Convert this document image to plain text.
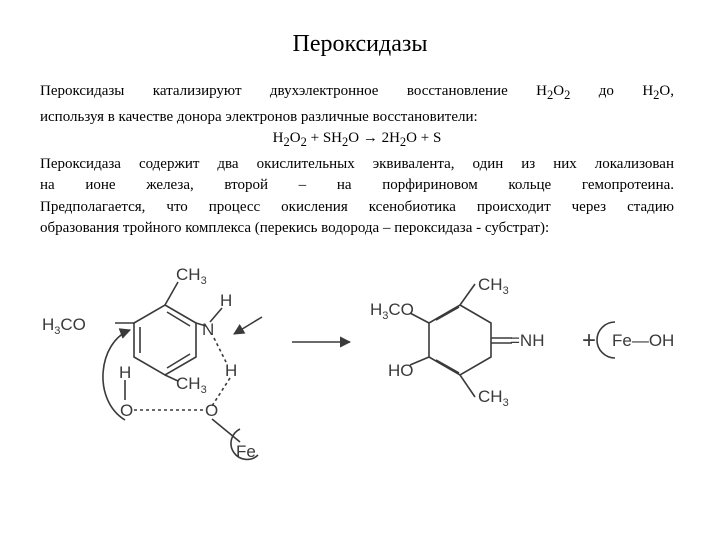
Пероксидазы
Пероксидазы катализируют двухэлектронное восстановление $H_2O_2$ до $H_2O$,
используя в качестве донора электронов различные восстановители:
$H_2O_2 + SH_2O \to 2H_2O + S$
Пероксидаза содержит два окислительных эквивалента, один из них локализован
на ионе железа, второй – на порфириновом кольце гемопротеина.
Предполагается, что процесс окисления ксенобиотика происходит через стадию
образования тройного комплекса (перекись водорода – пероксидаза - субстрат):
$CH_3$
$H_3CO$	N
H
$CH_3$
H
O
H
O
Fe
$H_3CO$
$CH_3$
=NH
HO
$CH_3$
+ Fe—OH
